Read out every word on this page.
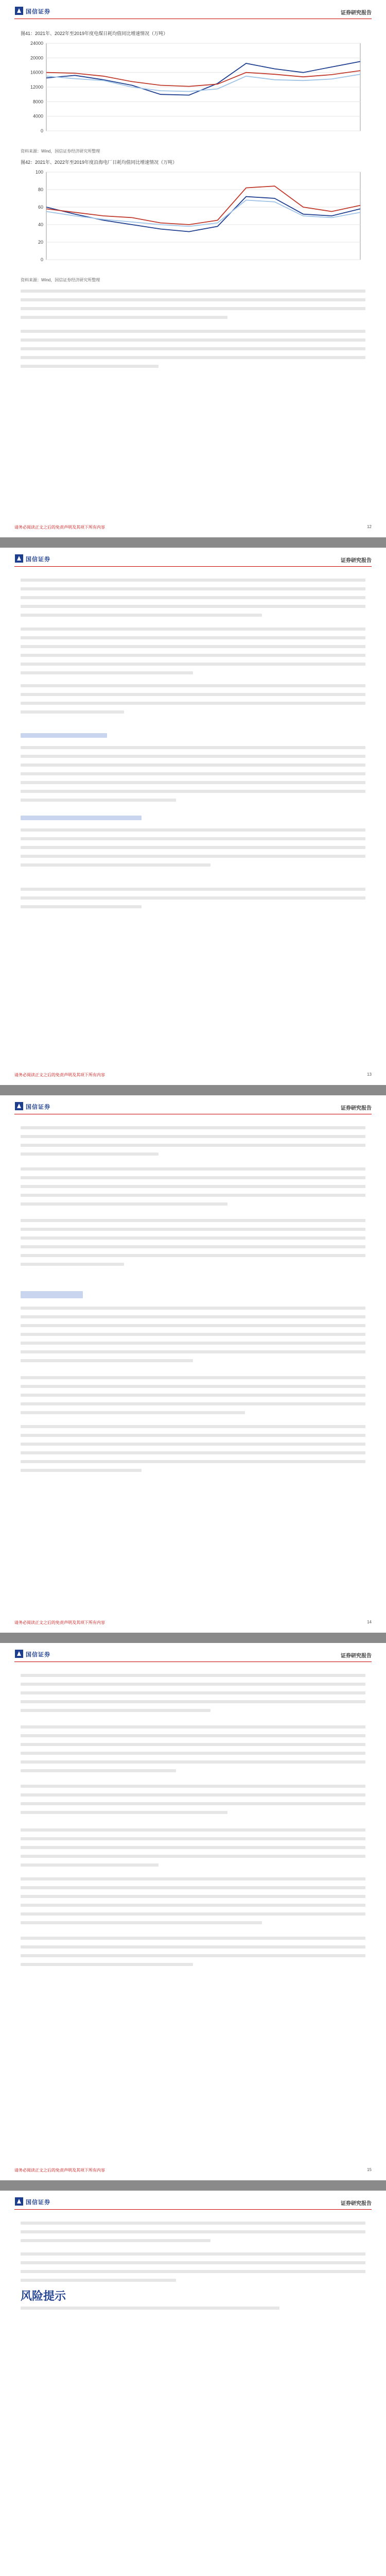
国信证券	证券研究报告
图41：2021年、2022年至2019年度电煤日耗均值同比增速情况（万吨）
0
4000
8000
12000
16000
20000
24000
资料来源：Wind，国信证券经济研究所整理
图42：2021年、2022年至2019年度沿海电厂日耗均值同比增速情况（万吨）
0
20
40
60
80
100
资料来源：Wind，国信证券经济研究所整理
请务必阅读正文之后的免责声明及其项下所有内容	12
国信证券	证券研究报告
请务必阅读正文之后的免责声明及其项下所有内容	13
国信证券	证券研究报告
请务必阅读正文之后的免责声明及其项下所有内容	14
国信证券	证券研究报告
请务必阅读正文之后的免责声明及其项下所有内容	15
国信证券	证券研究报告
风险提示
